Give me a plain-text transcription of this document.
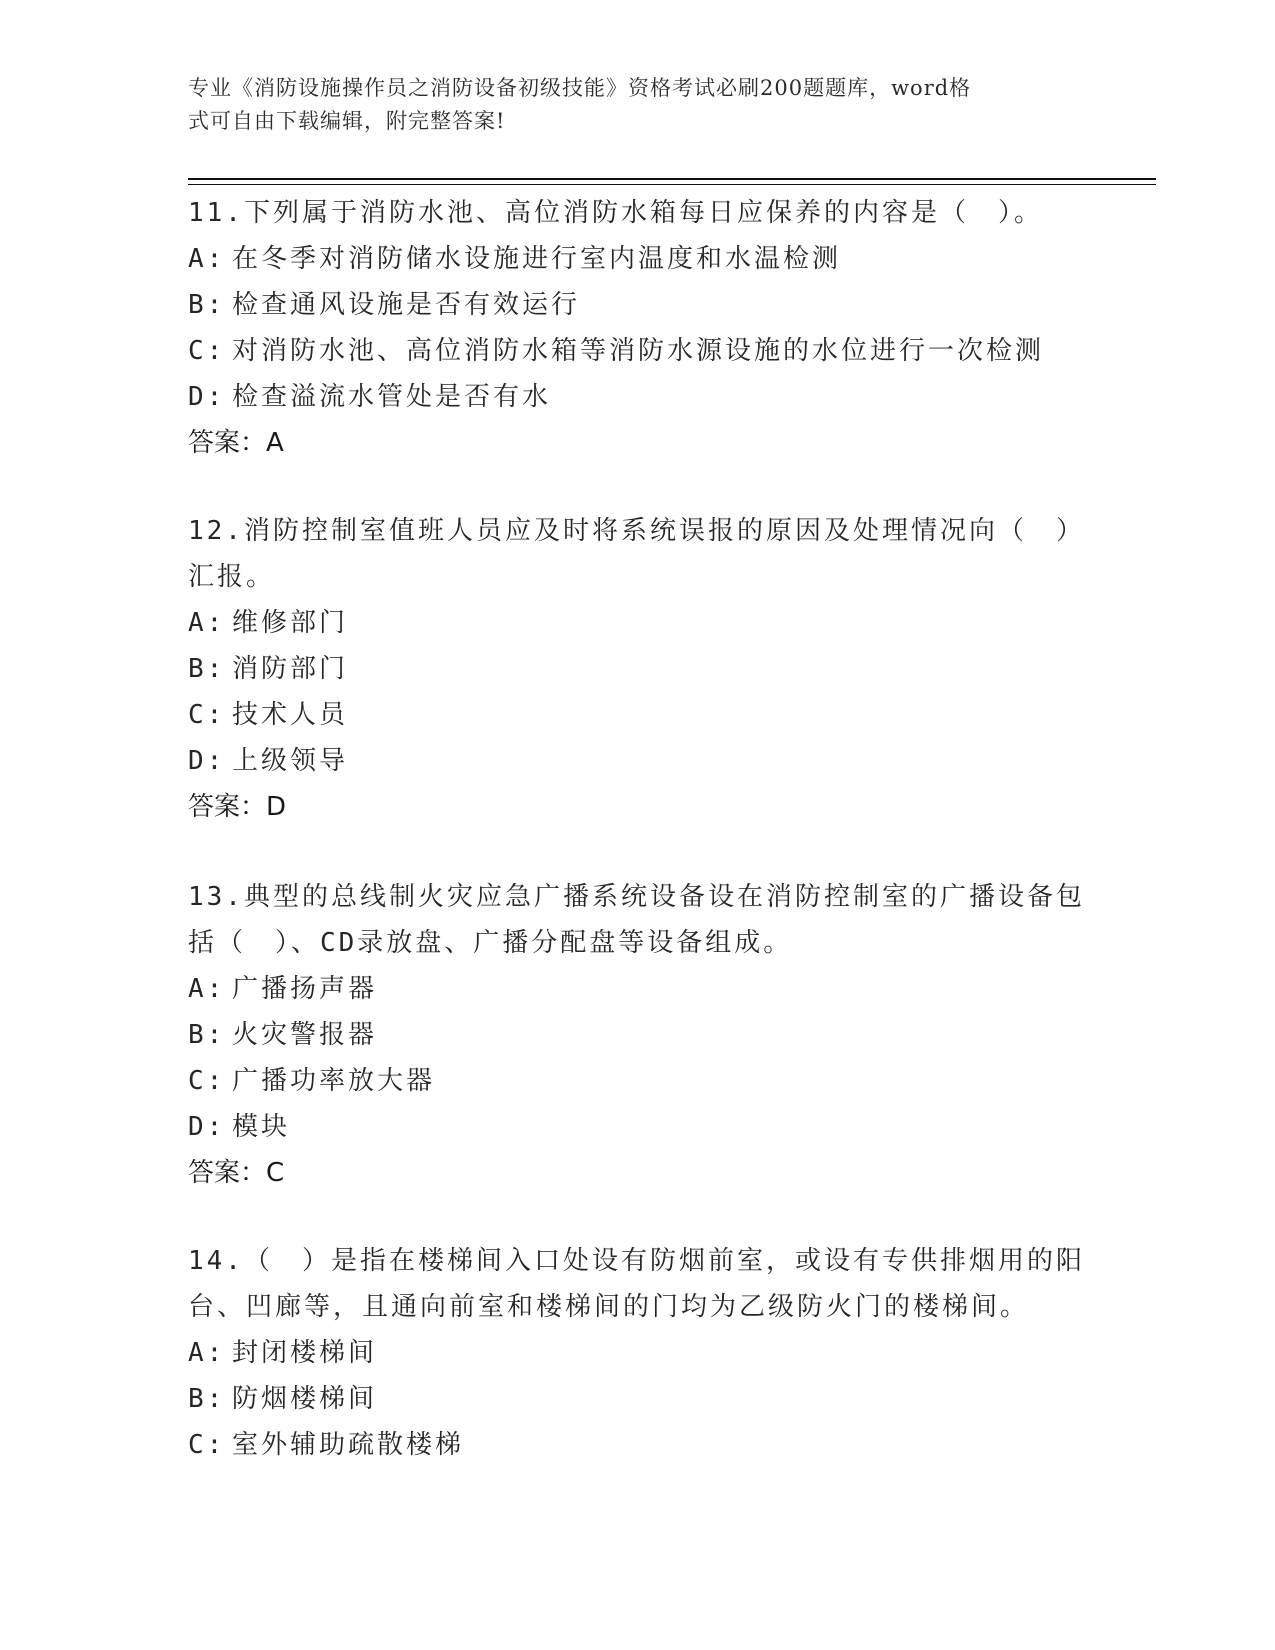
专业《消防设施操作员之消防设备初级技能》资格考试必刷200题题库，word格
式可自由下载编辑，附完整答案!

11.下列属于消防水池、高位消防水箱每日应保养的内容是（　）。

A: 在冬季对消防储水设施进行室内温度和水温检测

B: 检查通风设施是否有效运行

C: 对消防水池、高位消防水箱等消防水源设施的水位进行一次检测

D: 检查溢流水管处是否有水

答案：A

12.消防控制室值班人员应及时将系统误报的原因及处理情况向（　）汇报。

A: 维修部门

B: 消防部门

C: 技术人员

D: 上级领导

答案：D

13.典型的总线制火灾应急广播系统设备设在消防控制室的广播设备包括（　）、CD录放盘、广播分配盘等设备组成。

A: 广播扬声器

B: 火灾警报器

C: 广播功率放大器

D: 模块

答案：C

14.（　）是指在楼梯间入口处设有防烟前室，或设有专供排烟用的阳台、凹廊等，且通向前室和楼梯间的门均为乙级防火门的楼梯间。

A: 封闭楼梯间

B: 防烟楼梯间

C: 室外辅助疏散楼梯
